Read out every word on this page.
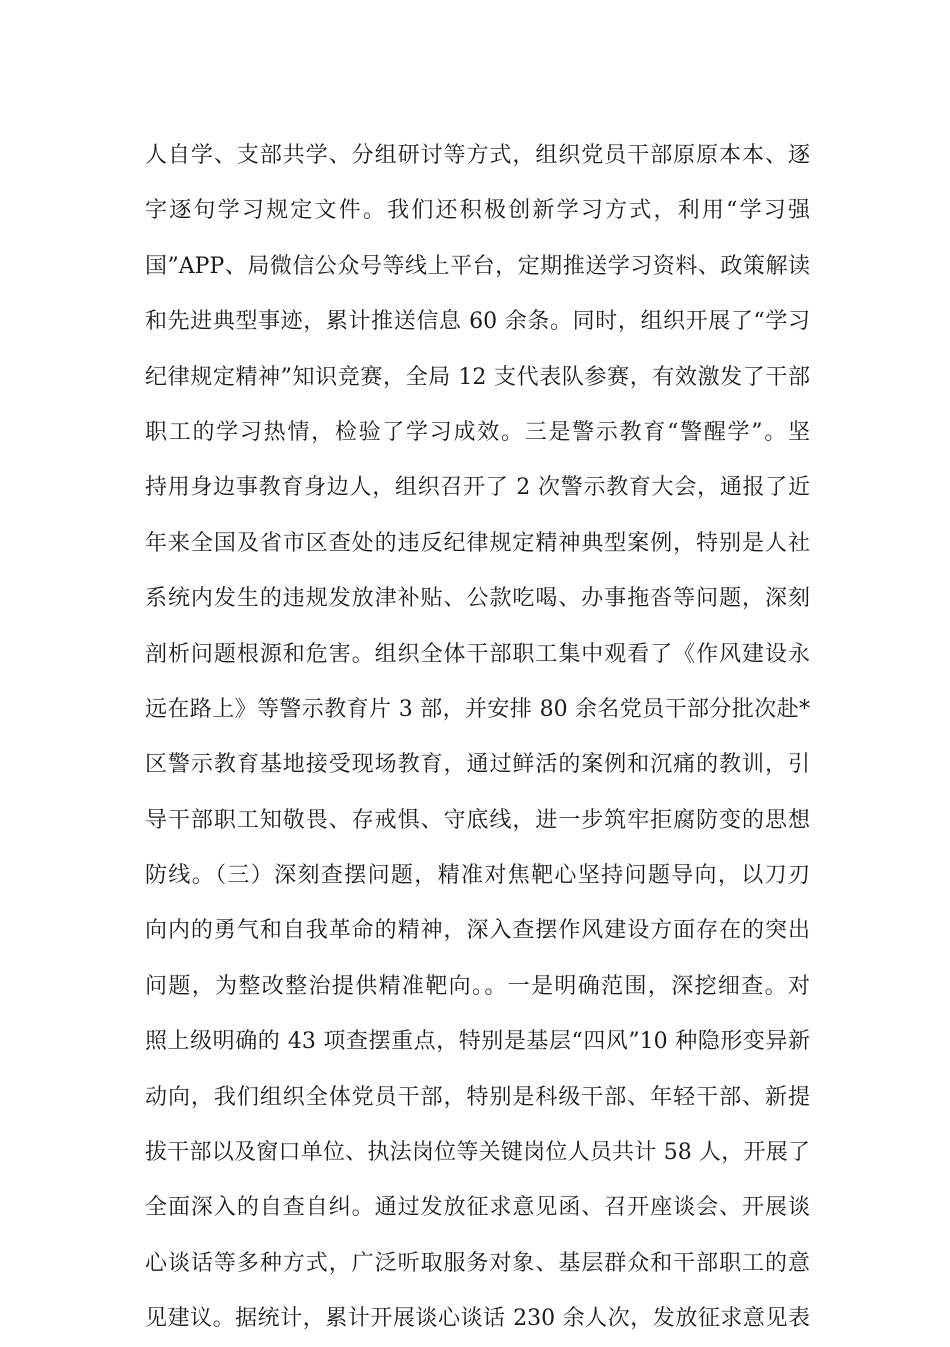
人自学、支部共学、分组研讨等方式，组织党员干部原原本本、逐
字逐句学习规定文件。我们还积极创新学习方式，利用“学习强
国”APP、局微信公众号等线上平台，定期推送学习资料、政策解读
和先进典型事迹，累计推送信息 60 余条。同时，组织开展了“学习
纪律规定精神”知识竞赛，全局 12 支代表队参赛，有效激发了干部
职工的学习热情，检验了学习成效。三是警示教育“警醒学”。坚
持用身边事教育身边人，组织召开了 2 次警示教育大会，通报了近
年来全国及省市区查处的违反纪律规定精神典型案例，特别是人社
系统内发生的违规发放津补贴、公款吃喝、办事拖沓等问题，深刻
剖析问题根源和危害。组织全体干部职工集中观看了《作风建设永
远在路上》等警示教育片 3 部，并安排 80 余名党员干部分批次赴*
区警示教育基地接受现场教育，通过鲜活的案例和沉痛的教训，引
导干部职工知敬畏、存戒惧、守底线，进一步筑牢拒腐防变的思想
防线。（三）深刻查摆问题，精准对焦靶心坚持问题导向，以刀刃
向内的勇气和自我革命的精神，深入查摆作风建设方面存在的突出
问题，为整改整治提供精准靶向。。一是明确范围，深挖细查。对
照上级明确的 43 项查摆重点，特别是基层“四风”10 种隐形变异新
动向，我们组织全体党员干部，特别是科级干部、年轻干部、新提
拔干部以及窗口单位、执法岗位等关键岗位人员共计 58 人，开展了
全面深入的自查自纠。通过发放征求意见函、召开座谈会、开展谈
心谈话等多种方式，广泛听取服务对象、基层群众和干部职工的意
见建议。据统计，累计开展谈心谈话 230 余人次，发放征求意见表
